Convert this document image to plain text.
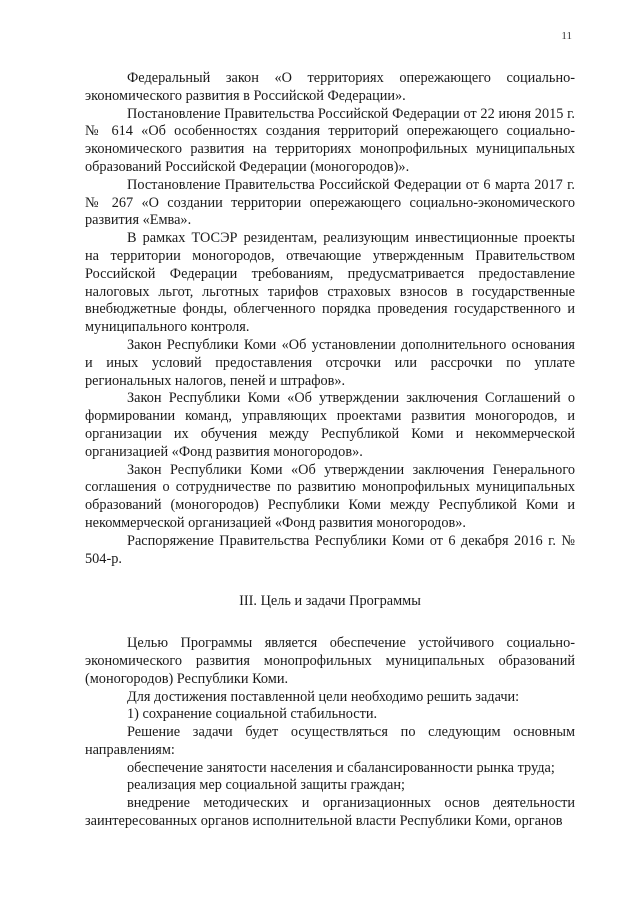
11

Федеральный закон «О территориях опережающего социально-экономического развития в Российской Федерации».

Постановление Правительства Российской Федерации от 22 июня 2015 г. № 614 «Об особенностях создания территорий опережающего социально-экономического развития на территориях монопрофильных муниципальных образований Российской Федерации (моногородов)».

Постановление Правительства Российской Федерации от 6 марта 2017 г. № 267 «О создании территории опережающего социально-экономического развития «Емва».

В рамках ТОСЭР резидентам, реализующим инвестиционные проекты на территории моногородов, отвечающие утвержденным Правительством Российской Федерации требованиям, предусматривается предоставление налоговых льгот, льготных тарифов страховых взносов в государственные внебюджетные фонды, облегченного порядка проведения государственного и муниципального контроля.

Закон Республики Коми «Об установлении дополнительного основания и иных условий предоставления отсрочки или рассрочки по уплате региональных налогов, пеней и штрафов».

Закон Республики Коми «Об утверждении заключения Соглашений о формировании команд, управляющих проектами развития моногородов, и организации их обучения между Республикой Коми и некоммерческой организацией «Фонд развития моногородов».

Закон Республики Коми «Об утверждении заключения Генерального соглашения о сотрудничестве по развитию монопрофильных муниципальных образований (моногородов) Республики Коми между Республикой Коми и некоммерческой организацией «Фонд развития моногородов».

Распоряжение Правительства Республики Коми от 6 декабря 2016 г. № 504-р.

III. Цель и задачи Программы

Целью Программы является обеспечение устойчивого социально-экономического развития монопрофильных муниципальных образований (моногородов) Республики Коми.

Для достижения поставленной цели необходимо решить задачи:

1) сохранение социальной стабильности.

Решение задачи будет осуществляться по следующим основным направлениям:

обеспечение занятости населения и сбалансированности рынка труда;

реализация мер социальной защиты граждан;

внедрение методических и организационных основ деятельности заинтересованных органов исполнительной власти Республики Коми, органов
